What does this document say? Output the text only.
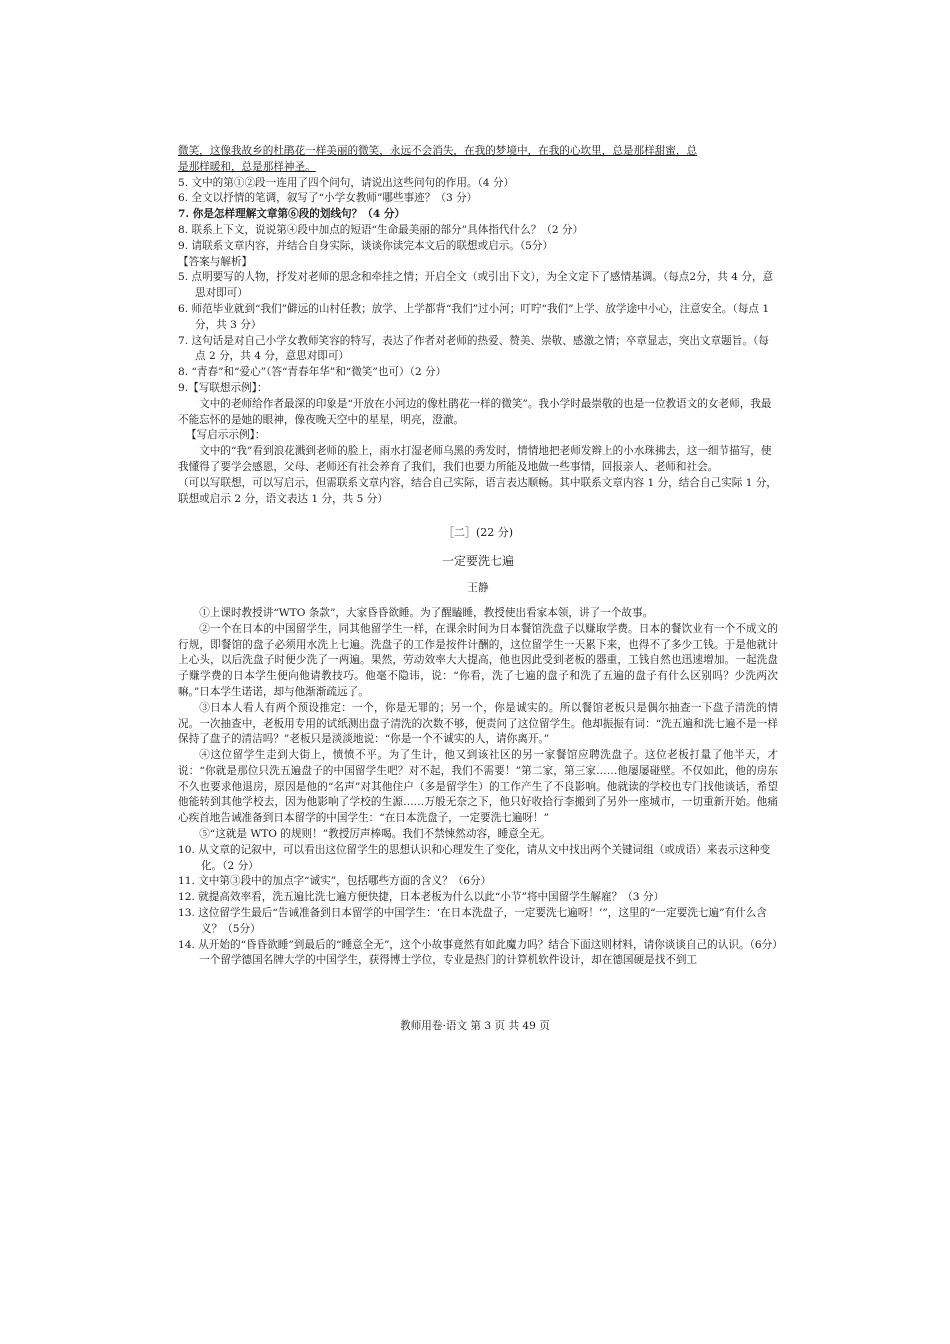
微笑，这像我故乡的杜鹃花一样美丽的微笑，永远不会消失，在我的梦境中，在我的心坎里，总是那样甜蜜，总

是那样暖和，总是那样神圣。

5. 文中的第①②段一连用了四个问句，请说出这些问句的作用。（4 分）

6. 全文以抒情的笔调，叙写了“小学女教师”哪些事迹？（3 分）

7. 你是怎样理解文章第⑥段的划线句？（4 分）

8. 联系上下文，说说第④段中加点的短语“生命最美丽的部分”具体指代什么？（2 分）

9. 请联系文章内容，并结合自身实际，谈谈你读完本文后的联想或启示。（5分）

【答案与解析】

5. 点明要写的人物，抒发对老师的思念和牵挂之情；开启全文（或引出下文），为全文定下了感情基调。（每点2分，共 4 分，意思对即可）

6. 师范毕业就到“我们”僻远的山村任教；放学、上学都背“我们”过小河；叮咛“我们”上学、放学途中小心，注意安全。（每点 1 分，共 3 分）

7. 这句话是对自己小学女教师笑容的特写，表达了作者对老师的热爱、赞美、崇敬、感激之情；卒章显志，突出文章题旨。（每点 2 分，共 4 分，意思对即可）

8. “青春”和“爱心”（答“青春年华”和“微笑”也可）（2 分）

9.【写联想示例】：

文中的老师给作者最深的印象是“开放在小河边的像杜鹃花一样的微笑”。我小学时最崇敬的也是一位教语文的女老师，我最不能忘怀的是她的眼神，像夜晚天空中的星星，明亮，澄澈。

【写启示示例】：

文中的“我”看到浪花溅到老师的脸上，雨水打湿老师乌黑的秀发时，情情地把老师发辫上的小水珠拂去，这一细节描写，使我懂得了要学会感恩，父母、老师还有社会养育了我们，我们也要力所能及地做一些事情，回报亲人、老师和社会。

（可以写联想，可以写启示，但需联系文章内容，结合自己实际，语言表达顺畅。其中联系文章内容 1 分，结合自己实际 1 分，联想或启示 2 分，语文表达 1 分，共 5 分）

［二］(22 分)

一定要洗七遍

王静

①上课时教授讲“WTO 条款”，大家昏昏欲睡。为了醒瞌睡，教授使出看家本领，讲了一个故事。

②一个在日本的中国留学生，同其他留学生一样，在课余时间为日本餐馆洗盘子以赚取学费。日本的餐饮业有一个不成文的行规，即餐馆的盘子必须用水洗上七遍。洗盘子的工作是按件计酬的，这位留学生一天累下来，也得不了多少工钱。于是他就计上心头，以后洗盘子时便少洗了一两遍。果然，劳动效率大大提高，他也因此受到老板的器重，工钱自然也迅速增加。一起洗盘子赚学费的日本学生便向他请教技巧。他毫不隐讳，说：“你看，洗了七遍的盘子和洗了五遍的盘子有什么区别吗？少洗两次嘛。”日本学生诺诺，却与他渐渐疏远了。

③日本人看人有两个预设推定：一个，你是无罪的；另一个，你是诚实的。所以餐馆老板只是偶尔抽查一下盘子清洗的情况。一次抽查中，老板用专用的试纸测出盘子清洗的次数不够，便责问了这位留学生。他却振振有词：“洗五遍和洗七遍不是一样保持了盘子的清洁吗？”老板只是淡淡地说：“你是一个不诚实的人，请你离开。”

④这位留学生走到大街上，愤愤不平。为了生计，他又到该社区的另一家餐馆应聘洗盘子。这位老板打量了他半天，才说：“你就是那位只洗五遍盘子的中国留学生吧？对不起，我们不需要！”第二家，第三家……他屡屡碰壁。不仅如此，他的房东不久也要求他退房，原因是他的“名声”对其他住户（多是留学生）的工作产生了不良影响。他就读的学校也专门找他谈话，希望他能转到其他学校去，因为他影响了学校的生源……万般无奈之下，他只好收拾行李搬到了另外一座城市，一切重新开始。他痛心疾首地告诫准备到日本留学的中国学生：“在日本洗盘子，一定要洗七遍呀！”

⑤“这就是 WTO 的规则！”教授厉声棒喝。我们不禁悚然动容，睡意全无。

10. 从文章的记叙中，可以看出这位留学生的思想认识和心理发生了变化，请从文中找出两个关键词组（或成语）来表示这种变化。（2 分）

11. 文中第③段中的加点字“诚实”，包括哪些方面的含义？（6分）

12. 就提高效率看，洗五遍比洗七遍方便快捷，日本老板为什么以此“小节”将中国留学生解雇？（3 分）

13. 这位留学生最后“告诫准备到日本留学的中国学生：‘在日本洗盘子，一定要洗七遍呀！’”，这里的“一定要洗七遍”有什么含义？（5分）

14. 从开始的“昏昏欲睡”到最后的“睡意全无”，这个小故事竟然有如此魔力吗？结合下面这则材料，请你谈谈自己的认识。（6分）

一个留学德国名牌大学的中国学生，获得博士学位，专业是热门的计算机软件设计，却在德国硬是找不到工

教师用卷·语文 第 3 页 共 49 页
